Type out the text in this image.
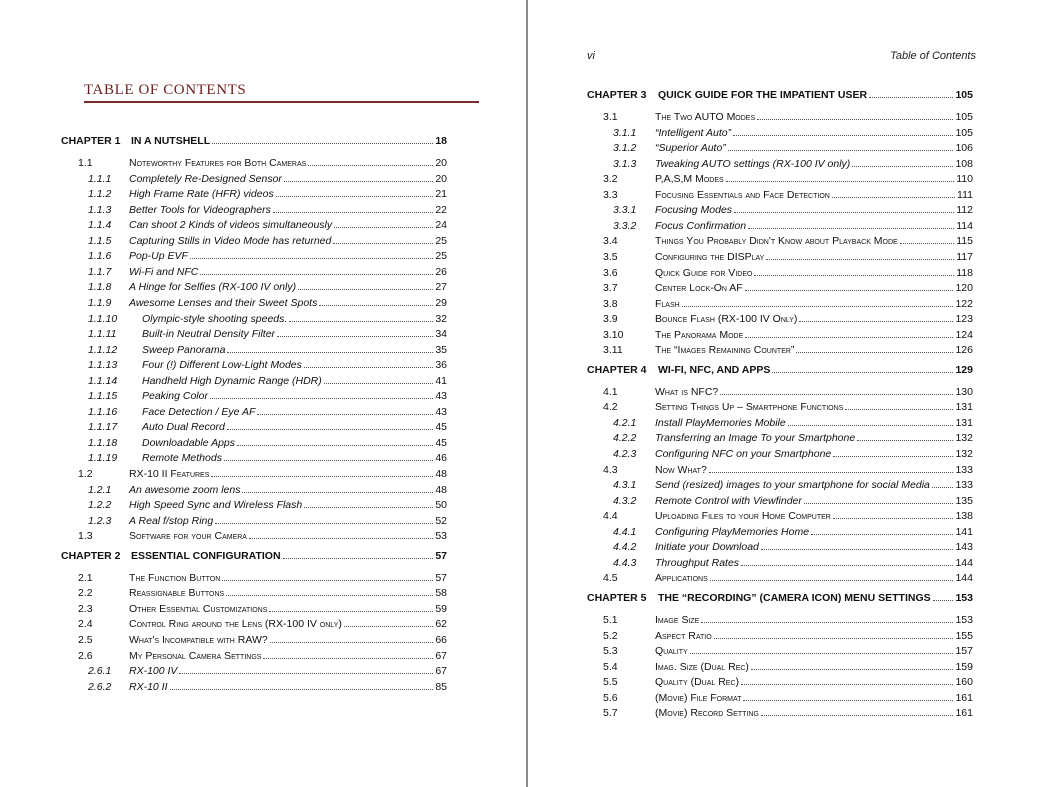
TABLE OF CONTENTS
CHAPTER 1 IN A NUTSHELL	18
1.1	Noteworthy Features for Both Cameras	20
1.1.1 Completely Re-Designed Sensor	20
1.1.2 High Frame Rate (HFR) videos	21
1.1.3 Better Tools for Videographers	22
1.1.4 Can shoot 2 Kinds of videos simultaneously	24
1.1.5 Capturing Stills in Video Mode has returned	25
1.1.6 Pop-Up EVF	25
1.1.7 Wi-Fi and NFC	26
1.1.8 A Hinge for Selfies (RX-100 IV only)	27
1.1.9 Awesome Lenses and their Sweet Spots	29
1.1.10 Olympic-style shooting speeds.	32
1.1.11 Built-in Neutral Density Filter	34
1.1.12 Sweep Panorama	35
1.1.13 Four (!) Different Low-Light Modes	36
1.1.14 Handheld High Dynamic Range (HDR)	41
1.1.15 Peaking Color	43
1.1.16 Face Detection / Eye AF	43
1.1.17 Auto Dual Record	45
1.1.18 Downloadable Apps	45
1.1.19 Remote Methods	46
1.2	RX-10 II Features	48
1.2.1 An awesome zoom lens	48
1.2.2 High Speed Sync and Wireless Flash	50
1.2.3 A Real f/stop Ring	52
1.3	Software for your Camera	53
CHAPTER 2 ESSENTIAL CONFIGURATION	57
2.1	The Function Button	57
2.2	Reassignable Buttons	58
2.3	Other Essential Customizations	59
2.4	Control Ring around the Lens (RX-100 IV only)	62
2.5	What's Incompatible with RAW?	66
2.6	My Personal Camera Settings	67
2.6.1 RX-100 IV	67
2.6.2 RX-10 II	85
vi	Table of Contents
CHAPTER 3 QUICK GUIDE FOR THE IMPATIENT USER	105
3.1	The Two AUTO Modes	105
3.1.1 “Intelligent Auto”	105
3.1.2 “Superior Auto”	106
3.1.3 Tweaking AUTO settings (RX-100 IV only)	108
3.2	P,A,S,M Modes	110
3.3	Focusing Essentials and Face Detection	111
3.3.1 Focusing Modes	112
3.3.2 Focus Confirmation	114
3.4	Things You Probably Didn't Know about Playback Mode	115
3.5	Configuring the DISPlay	117
3.6	Quick Guide for Video	118
3.7	Center Lock-On AF	120
3.8	Flash	122
3.9	Bounce Flash (RX-100 IV Only)	123
3.10	The Panorama Mode	124
3.11	The “Images Remaining Counter”	126
CHAPTER 4 WI-FI, NFC, AND APPS	129
4.1	What is NFC?	130
4.2	Setting Things Up – Smartphone Functions	131
4.2.1 Install PlayMemories Mobile	131
4.2.2 Transferring an Image To your Smartphone	132
4.2.3 Configuring NFC on your Smartphone	132
4.3	Now What?	133
4.3.1 Send (resized) images to your smartphone for social Media 133
4.3.2 Remote Control with Viewfinder	135
4.4	Uploading Files to your Home Computer	138
4.4.1 Configuring PlayMemories Home	141
4.4.2 Initiate your Download	143
4.4.3 Throughput Rates	144
4.5	Applications	144
CHAPTER 5 THE “RECORDING” (CAMERA ICON) MENU SETTINGS 153
5.1	Image Size	153
5.2	Aspect Ratio	155
5.3	Quality	157
5.4	Imag. Size (Dual Rec)	159
5.5	Quality (Dual Rec)	160
5.6	(Movie) File Format	161
5.7	(Movie) Record Setting	161
